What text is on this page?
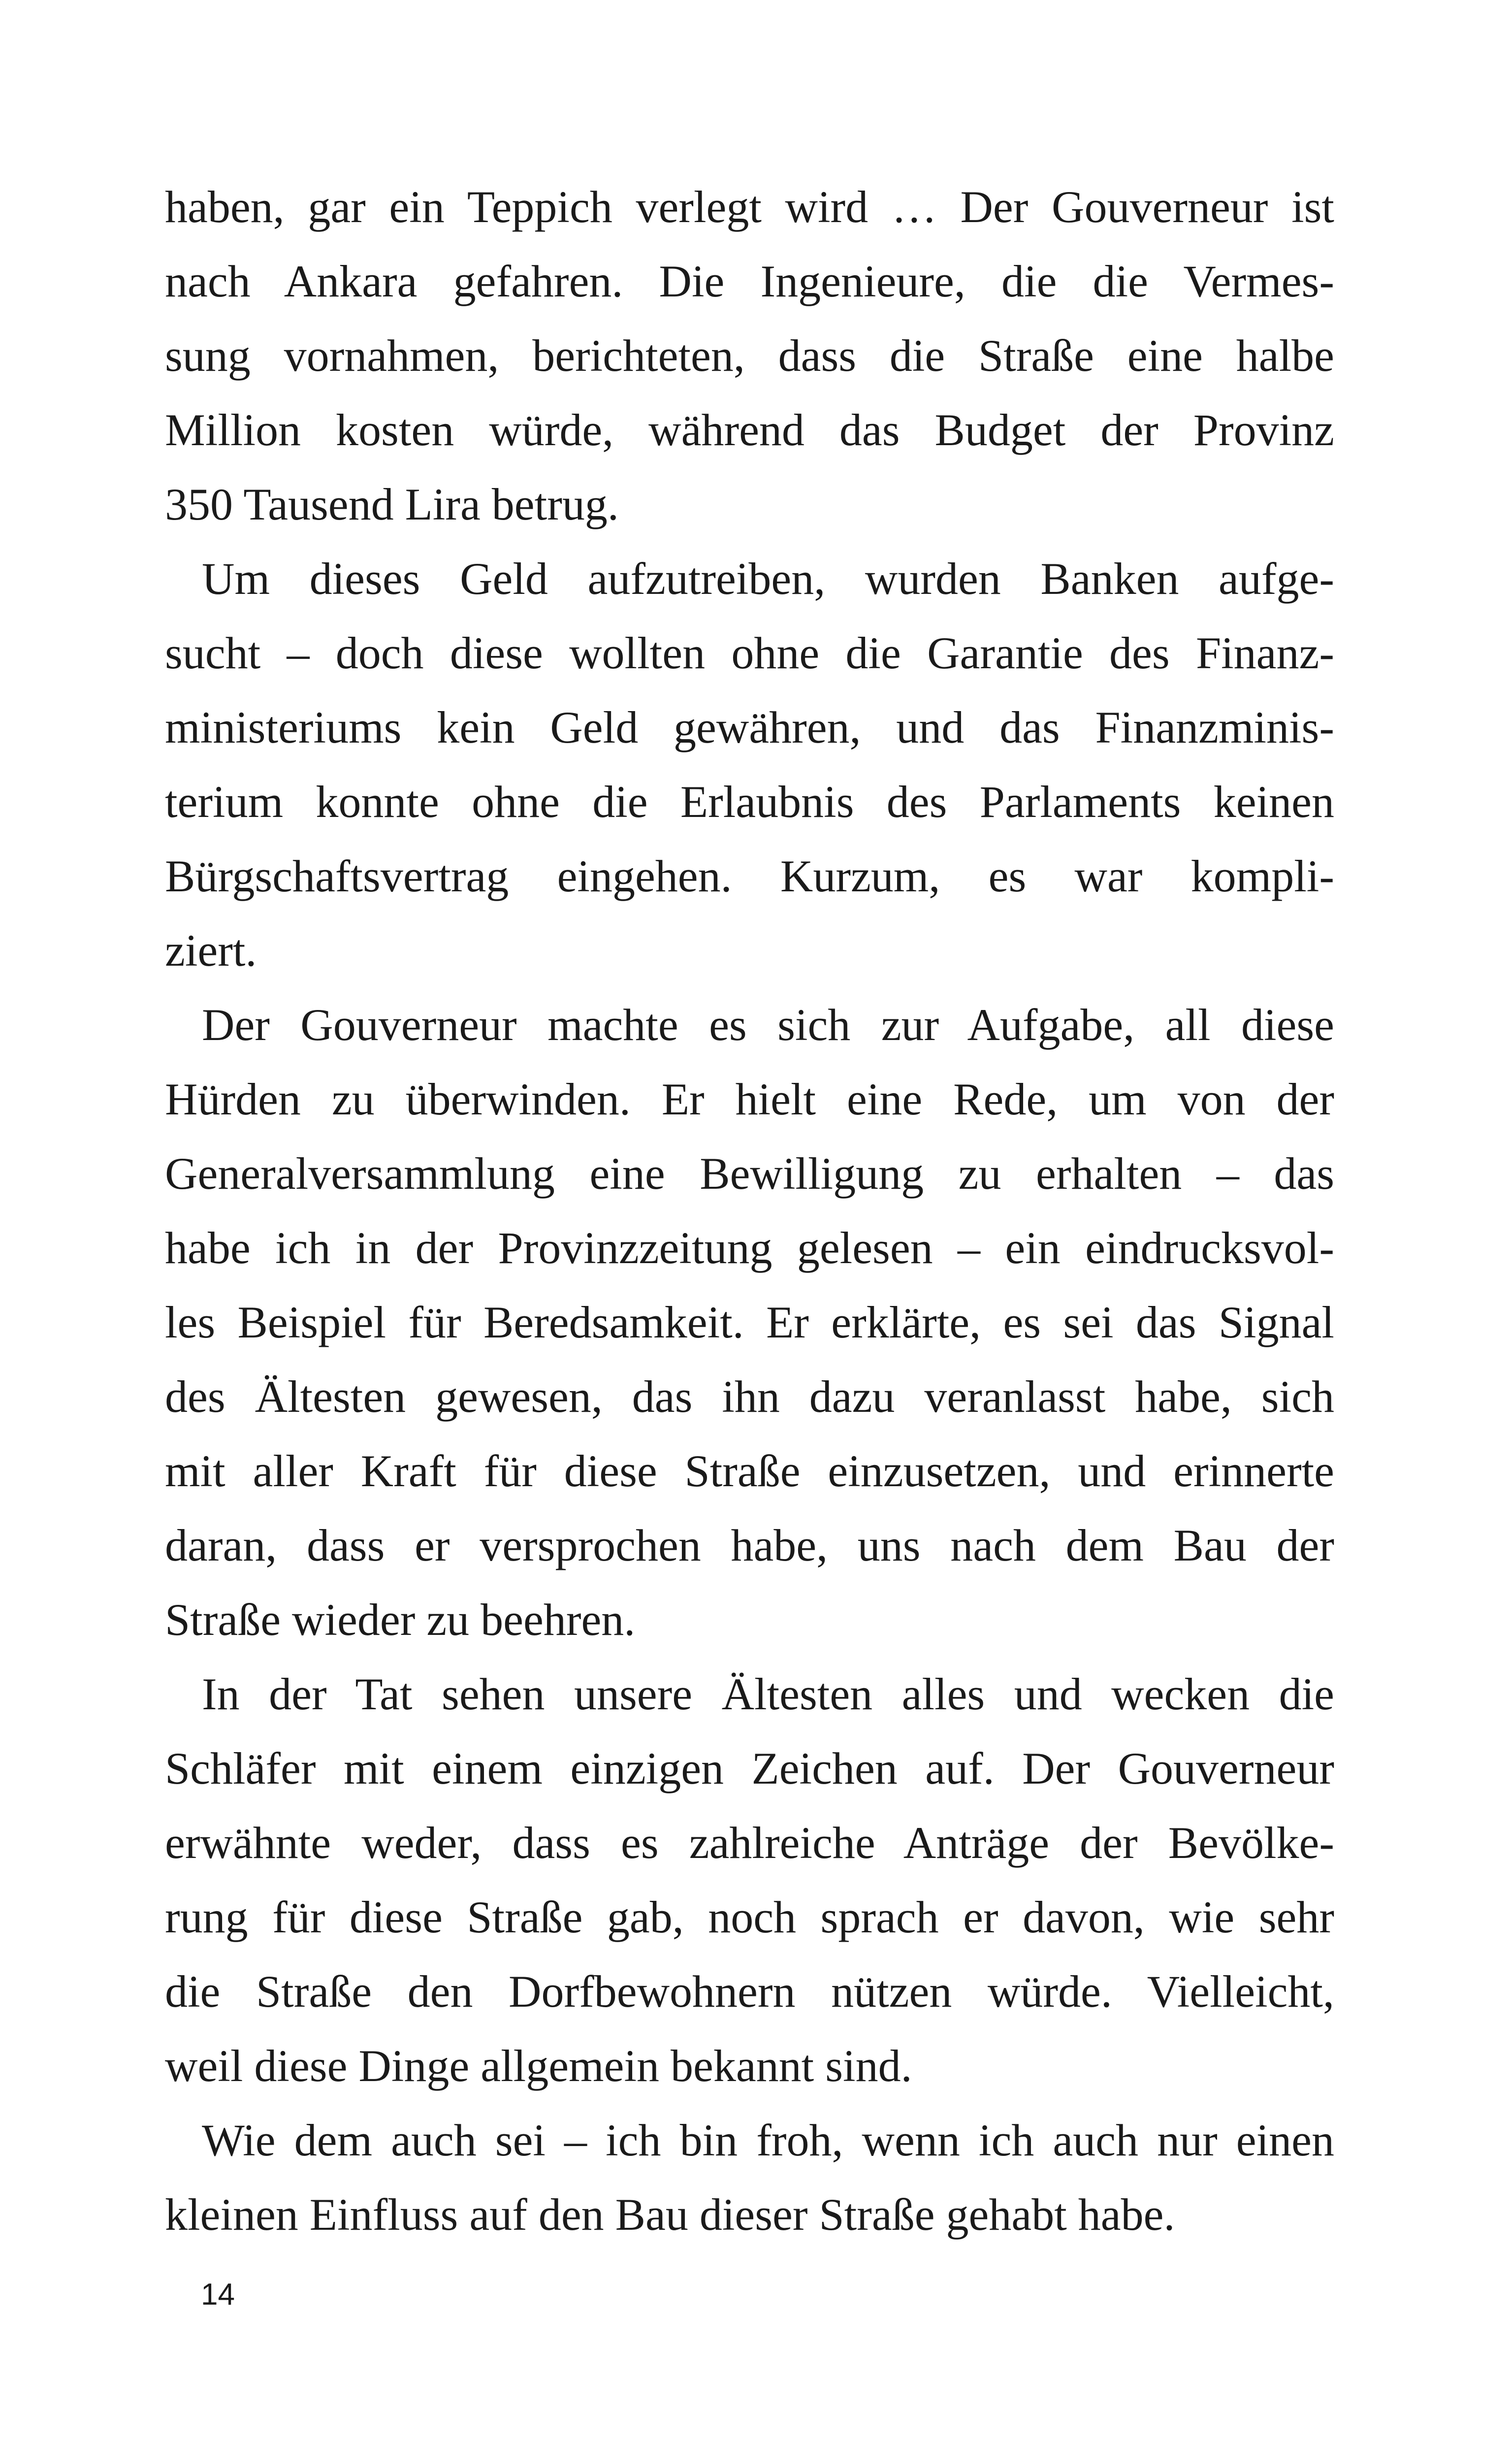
haben, gar ein Teppich verlegt wird … Der Gouverneur ist
nach Ankara gefahren. Die Ingenieure, die die Vermes-
sung vornahmen, berichteten, dass die Straße eine halbe
Million kosten würde, während das Budget der Provinz
350 Tausend Lira betrug.

Um dieses Geld aufzutreiben, wurden Banken aufge-
sucht – doch diese wollten ohne die Garantie des Finanz-
ministeriums kein Geld gewähren, und das Finanzminis-
terium konnte ohne die Erlaubnis des Parlaments keinen
Bürgschaftsvertrag eingehen. Kurzum, es war kompli-
ziert.

Der Gouverneur machte es sich zur Aufgabe, all diese
Hürden zu überwinden. Er hielt eine Rede, um von der
Generalversammlung eine Bewilligung zu erhalten – das
habe ich in der Provinzzeitung gelesen – ein eindrucksvol-
les Beispiel für Beredsamkeit. Er erklärte, es sei das Signal
des Ältesten gewesen, das ihn dazu veranlasst habe, sich
mit aller Kraft für diese Straße einzusetzen, und erinnerte
daran, dass er versprochen habe, uns nach dem Bau der
Straße wieder zu beehren.

In der Tat sehen unsere Ältesten alles und wecken die
Schläfer mit einem einzigen Zeichen auf. Der Gouverneur
erwähnte weder, dass es zahlreiche Anträge der Bevölke-
rung für diese Straße gab, noch sprach er davon, wie sehr
die Straße den Dorfbewohnern nützen würde. Vielleicht,
weil diese Dinge allgemein bekannt sind.

Wie dem auch sei – ich bin froh, wenn ich auch nur einen
kleinen Einfluss auf den Bau dieser Straße gehabt habe.

14
